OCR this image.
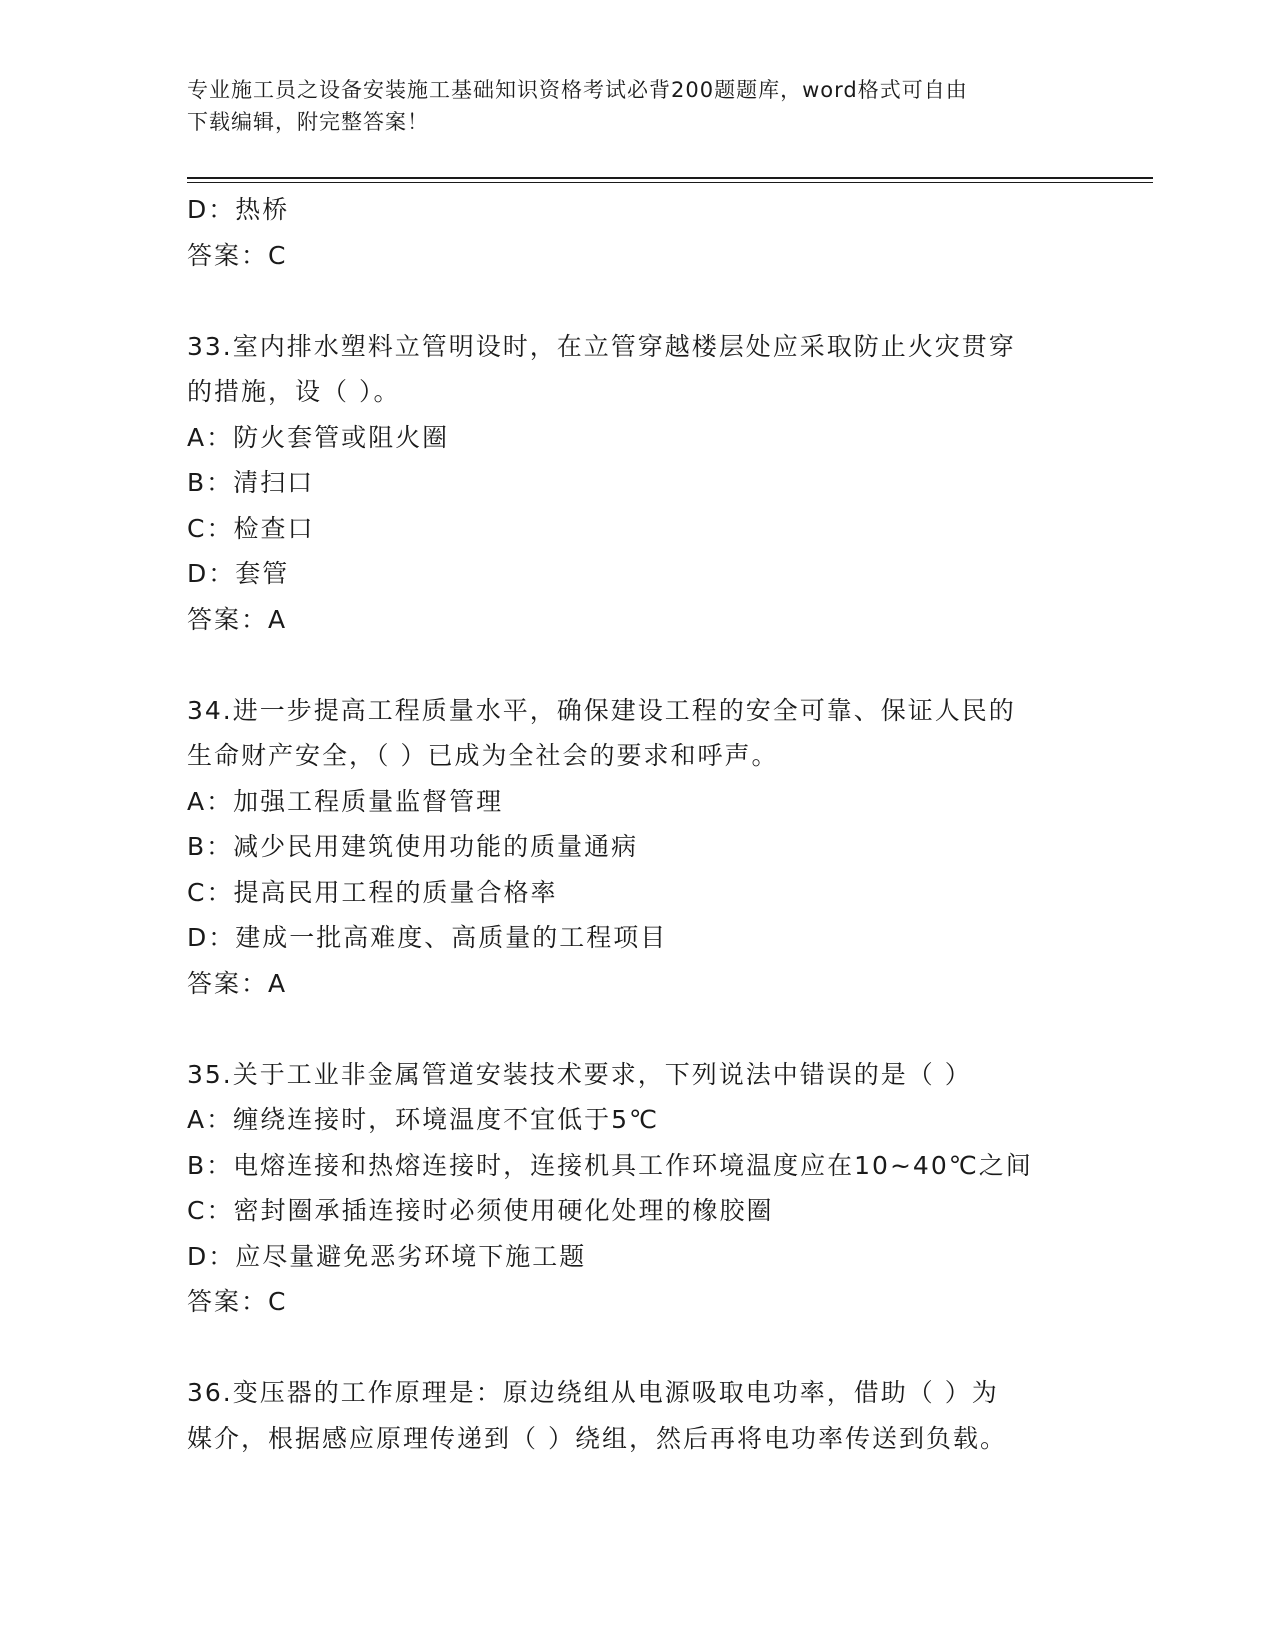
专业施工员之设备安装施工基础知识资格考试必背200题题库，word格式可自由
下载编辑，附完整答案！
D：热桥
答案：C
33.室内排水塑料立管明设时，在立管穿越楼层处应采取防止火灾贯穿
的措施，设（ ）。
A：防火套管或阻火圈
B：清扫口
C：检查口
D：套管
答案：A
34.进一步提高工程质量水平，确保建设工程的安全可靠、保证人民的
生命财产安全，（ ）已成为全社会的要求和呼声。
A：加强工程质量监督管理
B：减少民用建筑使用功能的质量通病
C：提高民用工程的质量合格率
D：建成一批高难度、高质量的工程项目
答案：A
35.关于工业非金属管道安装技术要求，下列说法中错误的是（ ）
A：缠绕连接时，环境温度不宜低于5℃
B：电熔连接和热熔连接时，连接机具工作环境温度应在10~40℃之间
C：密封圈承插连接时必须使用硬化处理的橡胶圈
D：应尽量避免恶劣环境下施工题
答案：C
36.变压器的工作原理是：原边绕组从电源吸取电功率，借助（ ）为
媒介，根据感应原理传递到（ ）绕组，然后再将电功率传送到负载。
